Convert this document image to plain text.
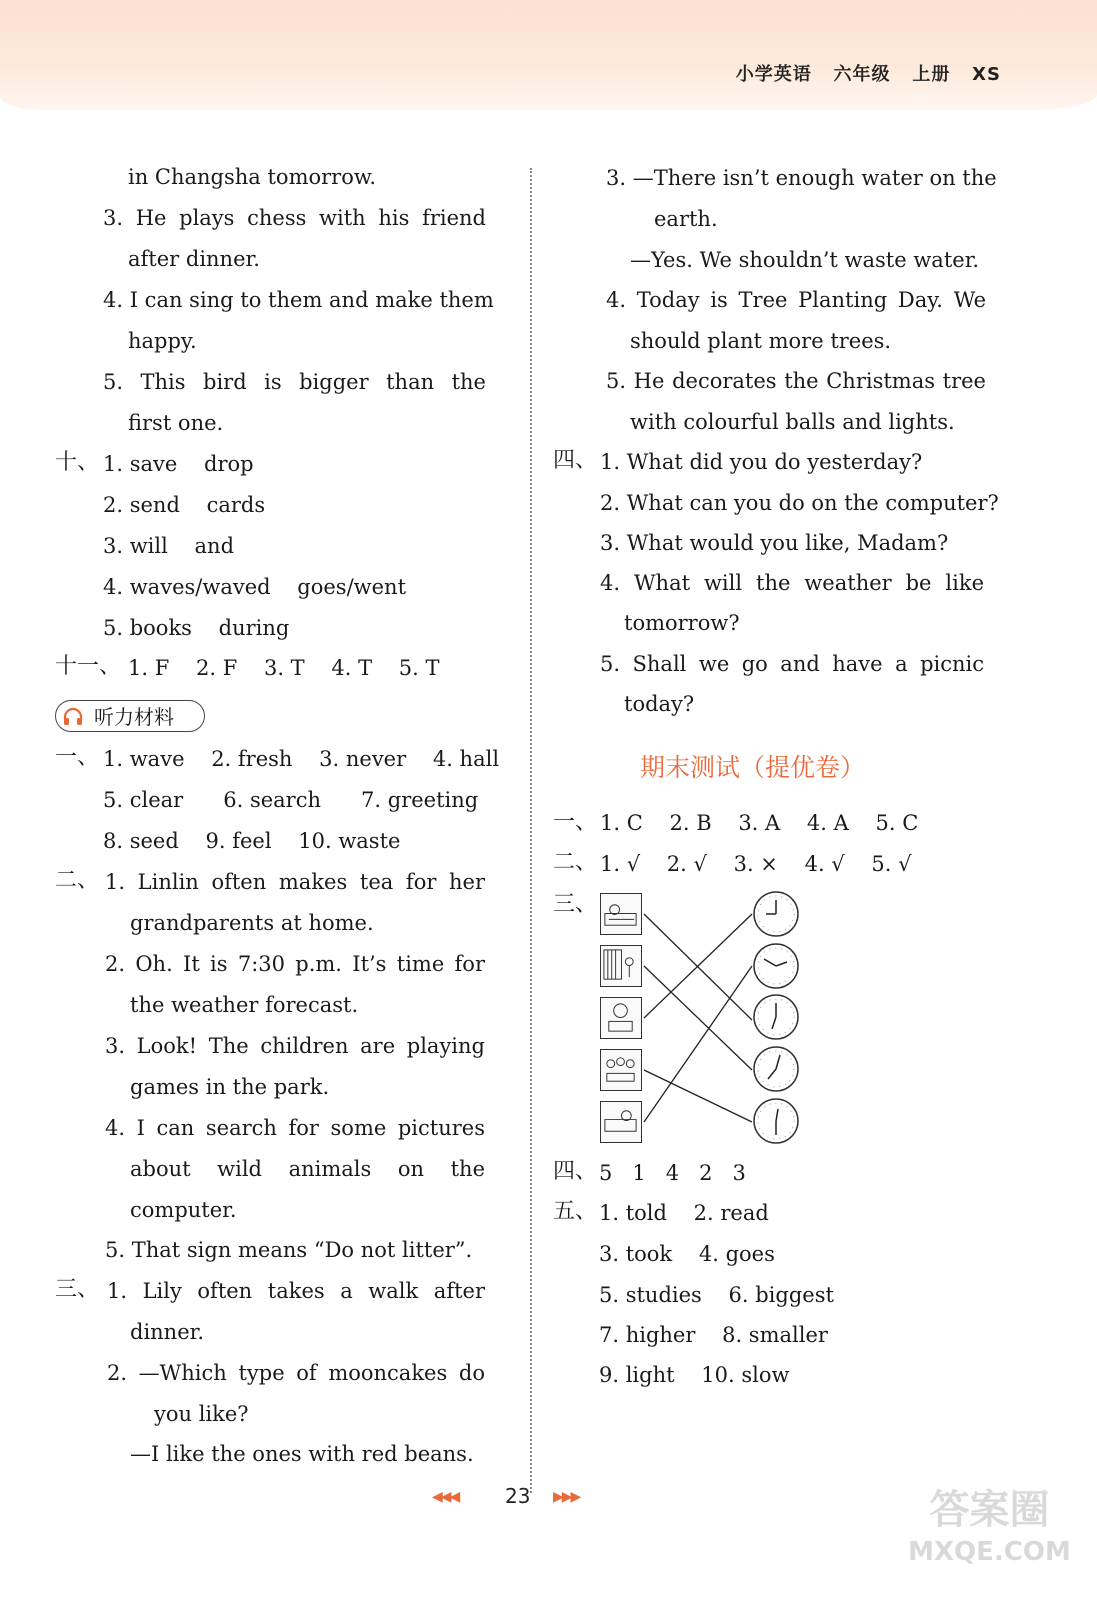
小学英语   六年级   上册   XS
in Changsha tomorrow.
3. He plays chess with his friend
after dinner.
4. I can sing to them and make them
happy.
5. This bird is bigger than the
first one.
十、 1. save    drop
2. send    cards
3. will    and
4. waves/waved    goes/went
5. books    during
十一、 1. F    2. F    3. T    4. T    5. T
听力材料
一、 1. wave    2. fresh    3. never    4. hall
5. clear      6. search      7. greeting
8. seed    9. feel    10. waste
二、 1. Linlin often makes tea for her
grandparents at home.
2. Oh. It is 7:30 p.m. It’s time for
the weather forecast.
3. Look! The children are playing
games in the park.
4. I can search for some pictures
about wild animals on the
computer.
5. That sign means “Do not litter”.
三、 1. Lily often takes a walk after
dinner.
2. —Which type of mooncakes do
you like?
—I like the ones with red beans.
3. —There isn’t enough water on the
earth.
—Yes. We shouldn’t waste water.
4. Today is Tree Planting Day. We
should plant more trees.
5. He decorates the Christmas tree
with colourful balls and lights.
四、 1. What did you do yesterday?
2. What can you do on the computer?
3. What would you like, Madam?
4. What will the weather be like
tomorrow?
5. Shall we go and have a picnic
today?
期末测试（提优卷）
一、 1. C    2. B    3. A    4. A    5. C
二、 1. √    2. √    3. ×    4. √    5. √
三、
四、 5   1   4   2   3
五、 1. told    2. read
3. took    4. goes
5. studies    6. biggest
7. higher    8. smaller
9. light    10. slow
◀◀◀ 23 ▶▶▶	答案圈
MXQE.COM
